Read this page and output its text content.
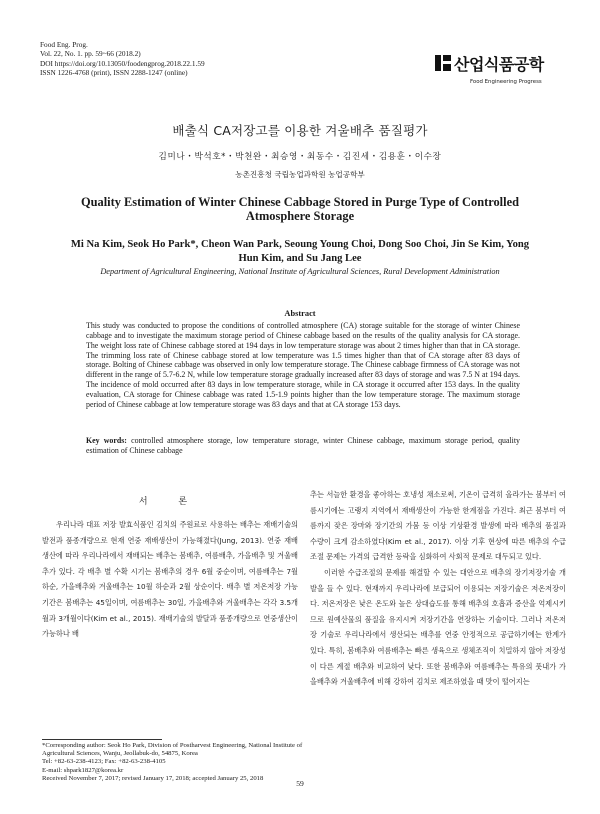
Food Eng. Prog.
Vol. 22, No. 1. pp. 59~66 (2018.2)
DOI https://doi.org/10.13050/foodengprog.2018.22.1.59
ISSN 1226-4768 (print), ISSN 2288-1247 (online)	산업식품공학
Food Engineering Progress
배출식 CA저장고를 이용한 겨울배추 품질평가
김미나・박석호*・박천완・최승영・최동수・김진세・김용훈・이수장
농촌진흥청 국립농업과학원 농업공학부
Quality Estimation of Winter Chinese Cabbage Stored in Purge Type of Controlled Atmosphere Storage
Mi Na Kim, Seok Ho Park*, Cheon Wan Park, Seoung Young Choi, Dong Soo Choi, Jin Se Kim, Yong Hun Kim, and Su Jang Lee
Department of Agricultural Engineering, National Institute of Agricultural Sciences, Rural Development Administration
Abstract
This study was conducted to propose the conditions of controlled atmosphere (CA) storage suitable for the storage of winter Chinese cabbage and to investigate the maximum storage period of Chinese cabbage based on the results of the quality analysis for CA storage. The weight loss rate of Chinese cabbage stored at 194 days in low temperature storage was about 2 times higher than that in CA storage. The trimming loss rate of Chinese cabbage stored at low temperature was 1.5 times higher than that of CA storage after 83 days of storage. Bolting of Chinese cabbage was observed in only low temperature storage. The Chinese cabbage firmness of CA storage was not different in the range of 5.7-6.2 N, while low temperature storage gradually increased after 83 days of storage and was 7.5 N at 194 days. The incidence of mold occurred after 83 days in low temperature storage, while in CA storage it occurred after 153 days. In the quality evaluation, CA storage for Chinese cabbage was rated 1.5-1.9 points higher than the low temperature storage. The maximum storage period of Chinese cabbage at low temperature storage was 83 days and that at CA storage 153 days.
Key words: controlled atmosphere storage, low temperature storage, winter Chinese cabbage, maximum storage period, quality estimation of Chinese cabbage
서 론

우리나라 대표 저장 발효식품인 김치의 주원료로 사용하는 배추는 재배기술의 발전과 품종개량으로 현재 연중 재배생산이 가능해졌다(Jung, 2013). 연중 재배생산에 따라 우리나라에서 재배되는 배추는 봄배추, 여름배추, 가을배추 및 겨울배추가 있다. 각 배추 별 수확 시기는 봄배추의 경우 6월 중순이며, 여름배추는 7월 하순, 가을배추와 겨울배추는 10월 하순과 2월 상순이다. 배추 별 저온저장 가능기간은 봄배추는 45일이며, 여름배추는 30일, 가을배추와 겨울배추는 각각 3.5개월과 3개월이다(Kim et al., 2015). 재배기술의 발달과 품종개량으로 연중생산이 가능하나 배

추는 서늘한 환경을 좋아하는 호냉성 채소로써, 기온이 급격히 올라가는 봄부터 여름시기에는 고랭지 지역에서 재배생산이 가능한 한계점을 가진다. 최근 봄부터 여름까지 잦은 장마와 장기간의 가뭄 등 이상 기상환경 발생에 따라 배추의 품질과 수량이 크게 감소하였다(Kim et al., 2017). 이상 기후 현상에 따른 배추의 수급조절 문제는 가격의 급격한 등락을 심화하여 사회적 문제로 대두되고 있다.

이러한 수급조절의 문제를 해결할 수 있는 대안으로 배추의 장기저장기술 개발을 들 수 있다. 현재까지 우리나라에 보급되어 이용되는 저장기술은 저온저장이다. 저온저장은 낮은 온도와 높은 상대습도를 통해 배추의 호흡과 증산을 억제시키므로 원예산물의 품질을 유지시켜 저장기간을 연장하는 기술이다. 그러나 저온저장 기술로 우리나라에서 생산되는 배추를 연중 안정적으로 공급하기에는 한계가 있다. 특히, 봄배추와 여름배추는 빠른 생육으로 생체조직이 치밀하지 않아 저장성이 다른 계절 배추와 비교하여 낮다. 또한 봄배추와 여름배추는 특유의 풋내가 가을배추와 겨울배추에 비해 강하여 김치로 제조하였을 때 맛이 떨어지는

*Corresponding author: Seok Ho Park, Division of Postharvest Engineering, National Institute of Agricultural Sciences, Wanju, Jeollabuk-do, 54875, Korea
Tel: +82-63-238-4123; Fax: +82-63-238-4105
E-mail: shpark1827@korea.kr
Received November 7, 2017; revised January 17, 2018; accepted January 25, 2018
59
